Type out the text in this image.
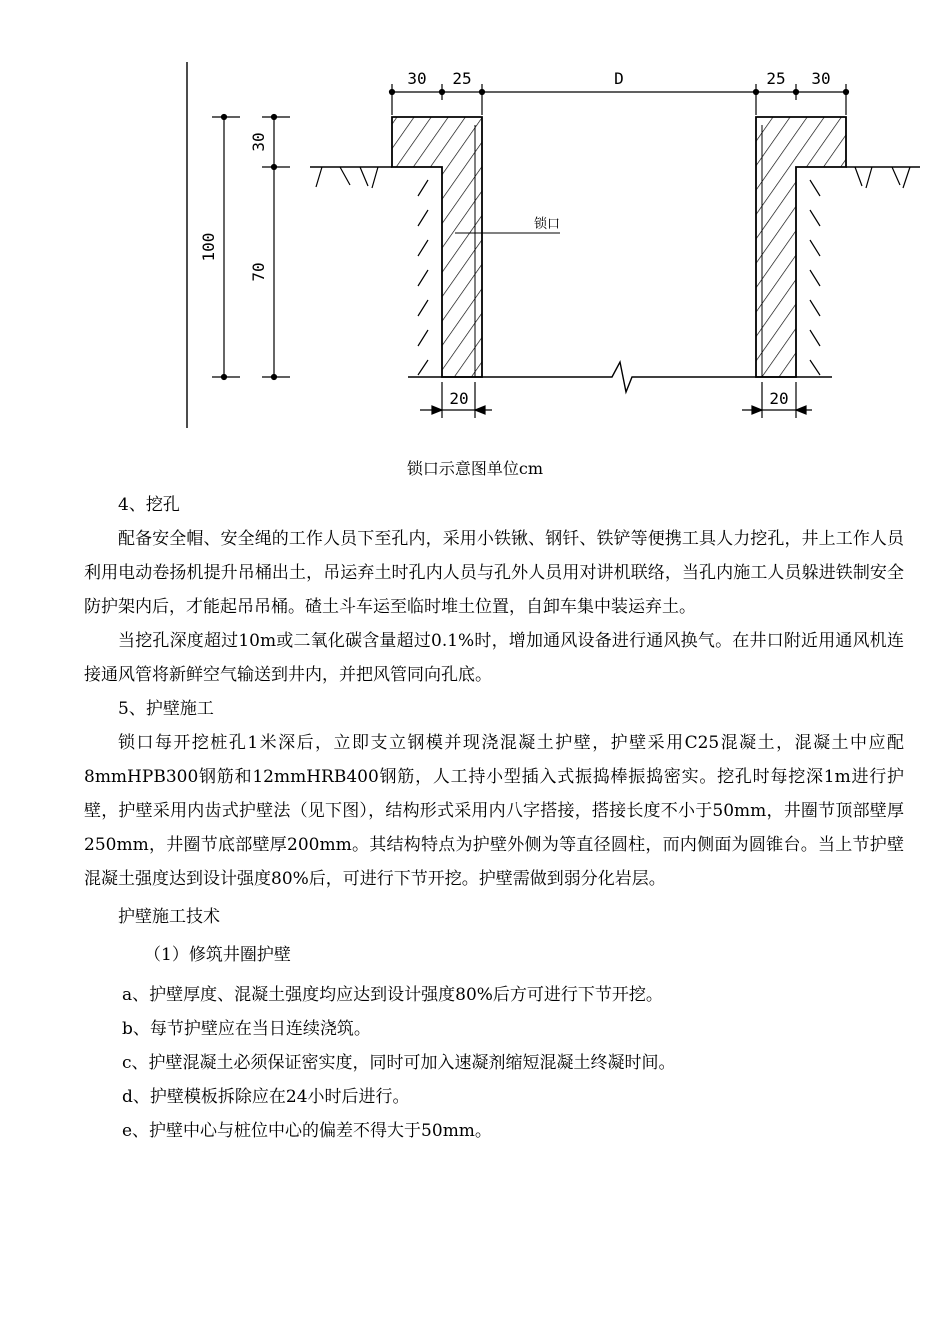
30 25	D	25 30
100
30
70
20	20
锁口
锁口示意图单位cm

4、挖孔

配备安全帽、安全绳的工作人员下至孔内，采用小铁锹、钢钎、铁铲等便携工具人力挖孔，井上工作人员利用电动卷扬机提升吊桶出土，吊运弃土时孔内人员与孔外人员用对讲机联络，当孔内施工人员躲进铁制安全防护架内后，才能起吊吊桶。碴土斗车运至临时堆土位置，自卸车集中装运弃土。

当挖孔深度超过10m或二氧化碳含量超过0.1%时，增加通风设备进行通风换气。在井口附近用通风机连接通风管将新鲜空气输送到井内，并把风管同向孔底。

5、护壁施工

锁口每开挖桩孔1米深后，立即支立钢模并现浇混凝土护壁，护壁采用C25混凝土，混凝土中应配8mmHPB300钢筋和12mmHRB400钢筋，人工持小型插入式振捣棒振捣密实。挖孔时每挖深1m进行护壁，护壁采用内齿式护壁法（见下图），结构形式采用内八字搭接，搭接长度不小于50mm，井圈节顶部壁厚250mm，井圈节底部壁厚200mm。其结构特点为护壁外侧为等直径圆柱，而内侧面为圆锥台。当上节护壁混凝土强度达到设计强度80%后，可进行下节开挖。护壁需做到弱分化岩层。

护壁施工技术

（1）修筑井圈护壁

a、护壁厚度、混凝土强度均应达到设计强度80%后方可进行下节开挖。

b、每节护壁应在当日连续浇筑。

c、护壁混凝土必须保证密实度，同时可加入速凝剂缩短混凝土终凝时间。

d、护壁模板拆除应在24小时后进行。

e、护壁中心与桩位中心的偏差不得大于50mm。
